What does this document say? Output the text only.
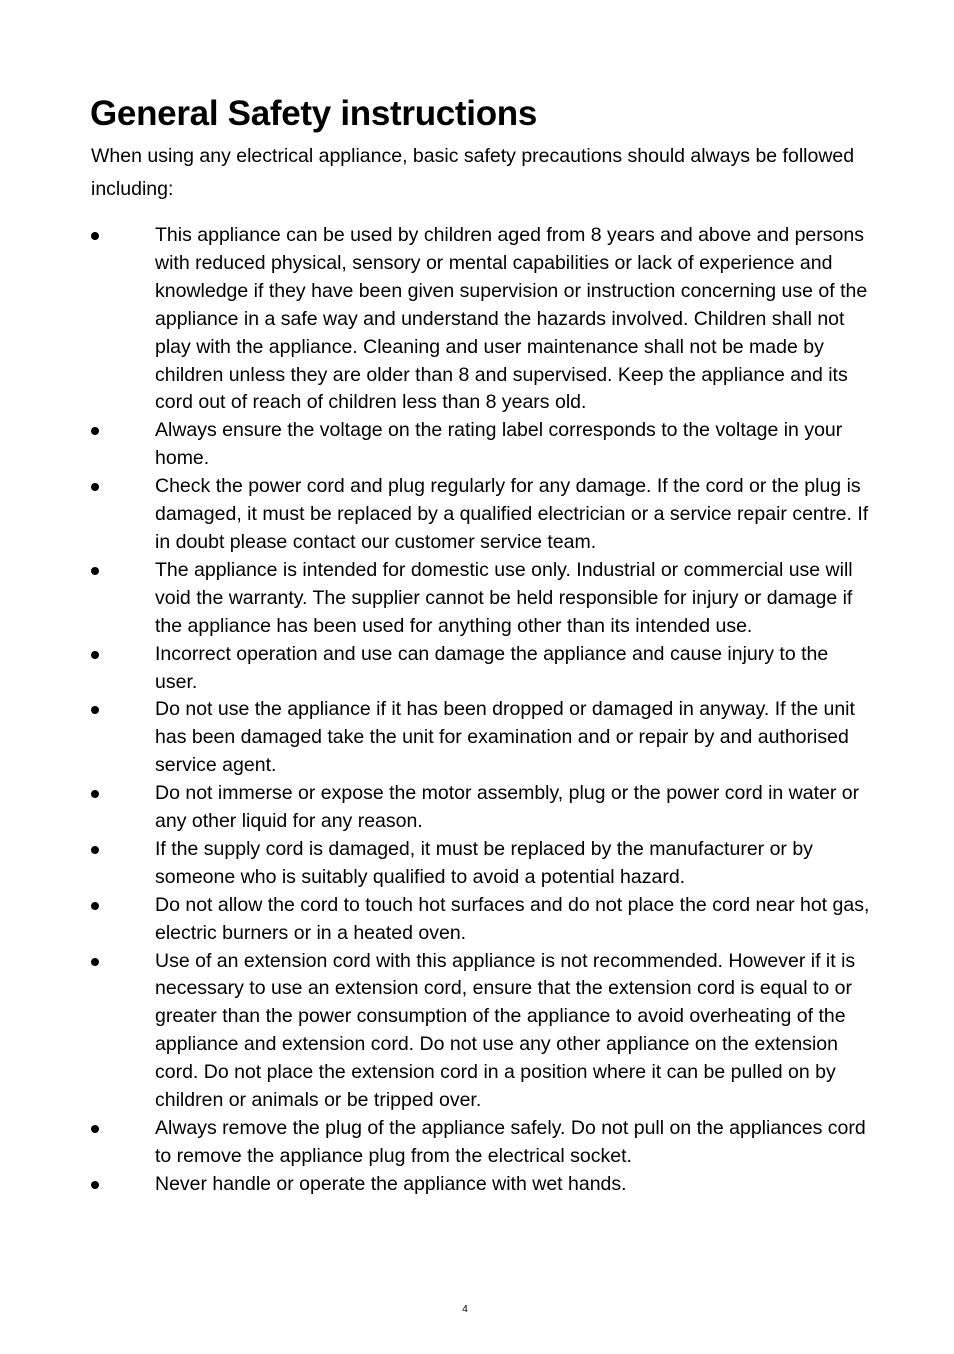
General Safety instructions

When using any electrical appliance, basic safety precautions should always be followed including:

This appliance can be used by children aged from 8 years and above and persons with reduced physical, sensory or mental capabilities or lack of experience and knowledge if they have been given supervision or instruction concerning use of the appliance in a safe way and understand the hazards involved. Children shall not play with the appliance. Cleaning and user maintenance shall not be made by children unless they are older than 8 and supervised. Keep the appliance and its cord out of reach of children less than 8 years old.
Always ensure the voltage on the rating label corresponds to the voltage in your home.
Check the power cord and plug regularly for any damage. If the cord or the plug is damaged, it must be replaced by a qualified electrician or a service repair centre. If in doubt please contact our customer service team.
The appliance is intended for domestic use only. Industrial or commercial use will void the warranty. The supplier cannot be held responsible for injury or damage if the appliance has been used for anything other than its intended use.
Incorrect operation and use can damage the appliance and cause injury to the user.
Do not use the appliance if it has been dropped or damaged in anyway. If the unit has been damaged take the unit for examination and or repair by and authorised service agent.
Do not immerse or expose the motor assembly, plug or the power cord in water or any other liquid for any reason.
If the supply cord is damaged, it must be replaced by the manufacturer or by someone who is suitably qualified to avoid a potential hazard.
Do not allow the cord to touch hot surfaces and do not place the cord near hot gas, electric burners or in a heated oven.
Use of an extension cord with this appliance is not recommended. However if it is necessary to use an extension cord, ensure that the extension cord is equal to or greater than the power consumption of the appliance to avoid overheating of the appliance and extension cord. Do not use any other appliance on the extension cord. Do not place the extension cord in a position where it can be pulled on by children or animals or be tripped over.
Always remove the plug of the appliance safely. Do not pull on the appliances cord to remove the appliance plug from the electrical socket.
Never handle or operate the appliance with wet hands.
4
